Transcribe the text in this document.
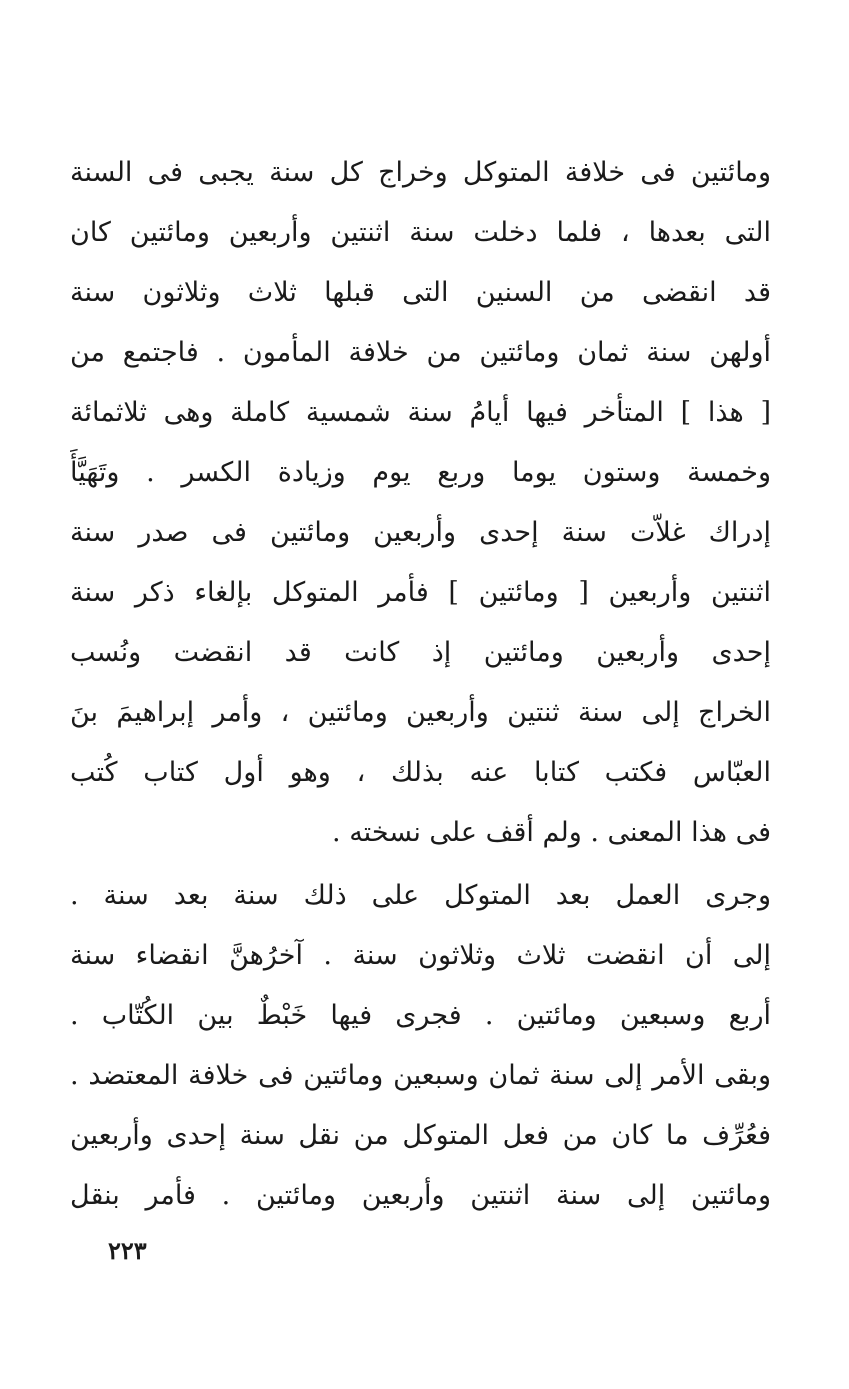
ومائتين فى خلافة المتوكل وخراج كل سنة يجبى فى السنة
التى بعدها ، فلما دخلت سنة اثنتين وأربعين ومائتين كان
قد انقضى من السنين التى قبلها ثلاث وثلاثون سنة
أولهن سنة ثمان ومائتين من خلافة المأمون . فاجتمع من
[ هذا ] المتأخر فيها أيامُ سنة شمسية كاملة وهى ثلاثمائة
وخمسة وستون يوما وربع يوم وزيادة الكسر . وتَهَيَّأَ
إدراك غلاّت سنة إحدى وأربعين ومائتين فى صدر سنة
اثنتين وأربعين [ ومائتين ] فأمر المتوكل بإلغاء ذكر سنة
إحدى وأربعين ومائتين إذ كانت قد انقضت ونُسب
الخراج إلى سنة ثنتين وأربعين ومائتين ، وأمر إبراهيمَ بنَ
العبّاس فكتب كتابا عنه بذلك ، وهو أول كتاب كُتب
فى هذا المعنى . ولم أقف على نسخته .
وجرى العمل بعد المتوكل على ذلك سنة بعد سنة .
إلى أن انقضت ثلاث وثلاثون سنة . آخرُهنَّ انقضاء سنة
أربع وسبعين ومائتين . فجرى فيها خَبْطٌ بين الكُتّاب .
وبقى الأمر إلى سنة ثمان وسبعين ومائتين فى خلافة المعتضد .
فعُرِّف ما كان من فعل المتوكل من نقل سنة إحدى وأربعين
ومائتين إلى سنة اثنتين وأربعين ومائتين . فأمر بنقل
٢٢٣
